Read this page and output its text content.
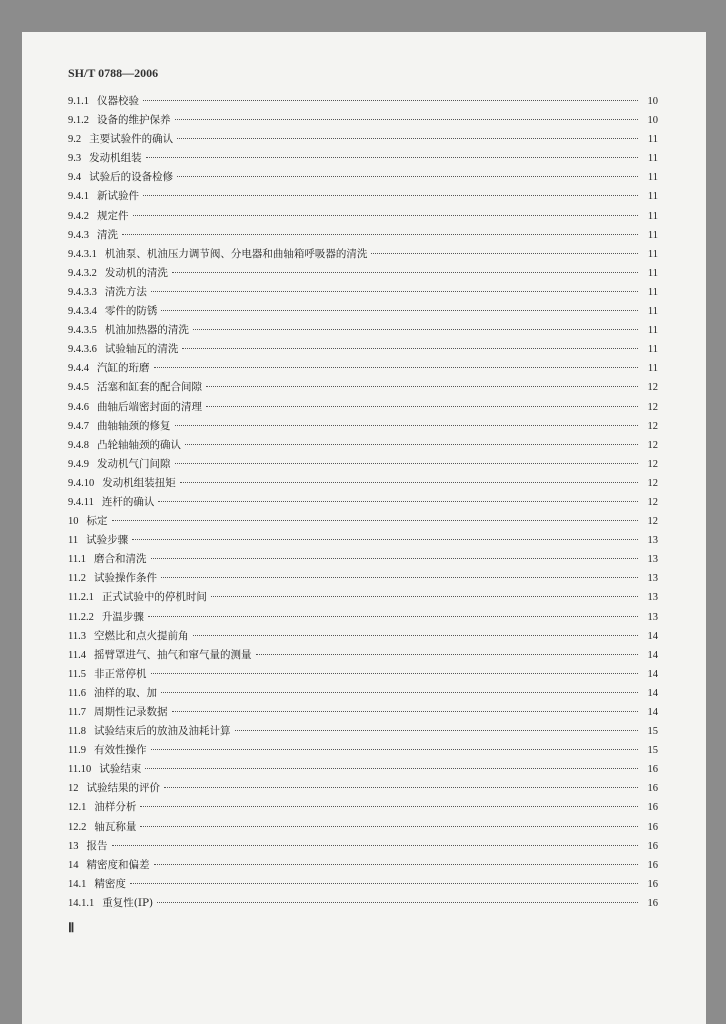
SH/T 0788—2006
9.1.1 仪器校验	10
9.1.2 设备的维护保养	10
9.2 主要试验件的确认	11
9.3 发动机组装	11
9.4 试验后的设备检修	11
9.4.1 新试验件	11
9.4.2 规定件	11
9.4.3 清洗	11
9.4.3.1 机油泵、机油压力调节阀、分电器和曲轴箱呼吸器的清洗	11
9.4.3.2 发动机的清洗	11
9.4.3.3 清洗方法	11
9.4.3.4 零件的防锈	11
9.4.3.5 机油加热器的清洗	11
9.4.3.6 试验轴瓦的清洗	11
9.4.4 汽缸的珩磨	11
9.4.5 活塞和缸套的配合间隙	12
9.4.6 曲轴后端密封面的清理	12
9.4.7 曲轴轴颈的修复	12
9.4.8 凸轮轴轴颈的确认	12
9.4.9 发动机气门间隙	12
9.4.10 发动机组装扭矩	12
9.4.11 连杆的确认	12
10 标定	12
11 试验步骤	13
11.1 磨合和清洗	13
11.2 试验操作条件	13
11.2.1 正式试验中的停机时间	13
11.2.2 升温步骤	13
11.3 空燃比和点火提前角	14
11.4 摇臂罩进气、抽气和窜气量的测量	14
11.5 非正常停机	14
11.6 油样的取、加	14
11.7 周期性记录数据	14
11.8 试验结束后的放油及油耗计算	15
11.9 有效性操作	15
11.10 试验结束	16
12 试验结果的评价	16
12.1 油样分析	16
12.2 轴瓦称量	16
13 报告	16
14 精密度和偏差	16
14.1 精密度	16
14.1.1 重复性(IP)	16
Ⅱ
